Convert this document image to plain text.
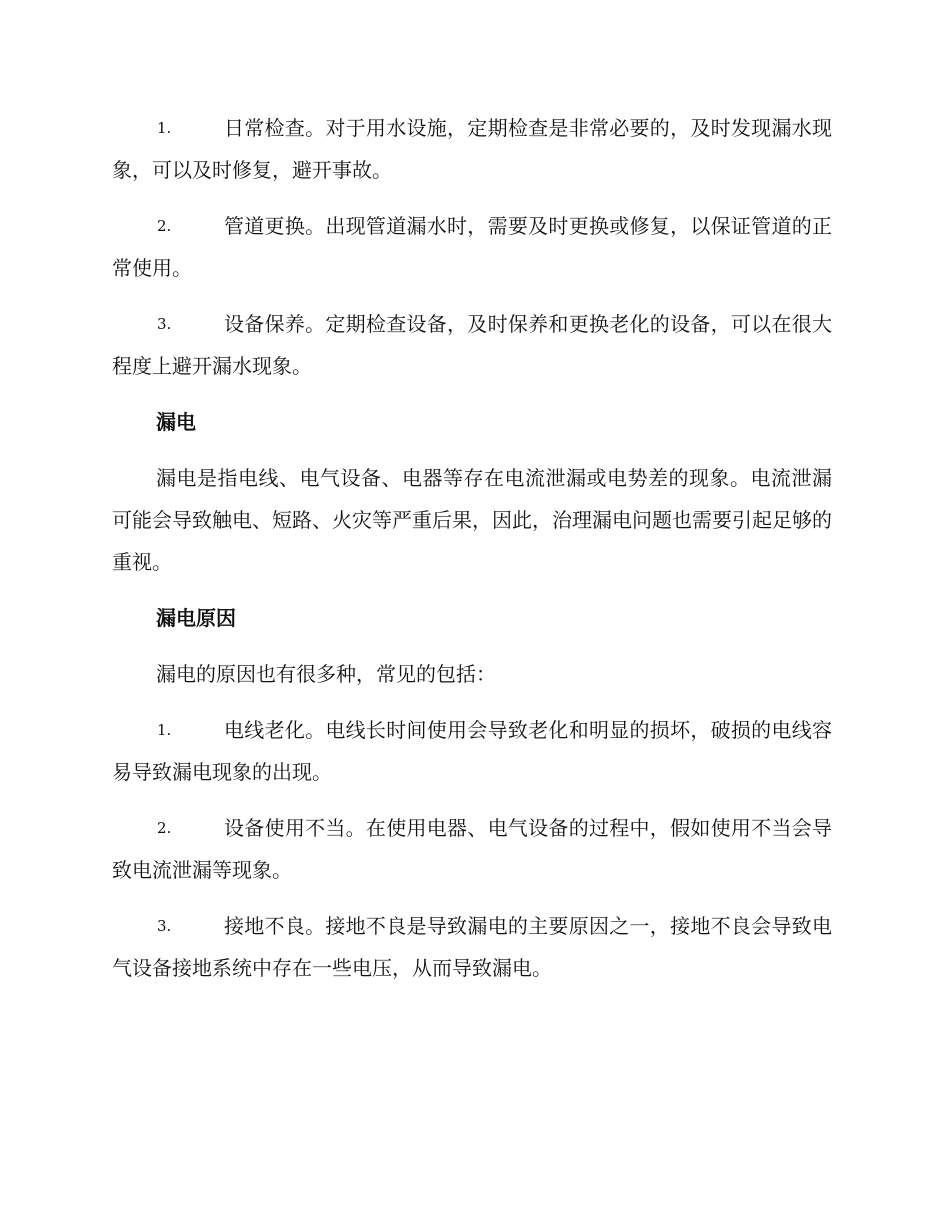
1.	日常检查。对于用水设施，定期检查是非常必要的，及时发现漏水现象，可以及时修复，避开事故。
2.	管道更换。出现管道漏水时，需要及时更换或修复，以保证管道的正常使用。
3.	设备保养。定期检查设备，及时保养和更换老化的设备，可以在很大程度上避开漏水现象。
漏电
漏电是指电线、电气设备、电器等存在电流泄漏或电势差的现象。电流泄漏可能会导致触电、短路、火灾等严重后果，因此，治理漏电问题也需要引起足够的重视。
漏电原因
漏电的原因也有很多种，常见的包括：
1.	电线老化。电线长时间使用会导致老化和明显的损坏，破损的电线容易导致漏电现象的出现。
2.	设备使用不当。在使用电器、电气设备的过程中，假如使用不当会导致电流泄漏等现象。
3.	接地不良。接地不良是导致漏电的主要原因之一，接地不良会导致电气设备接地系统中存在一些电压，从而导致漏电。
